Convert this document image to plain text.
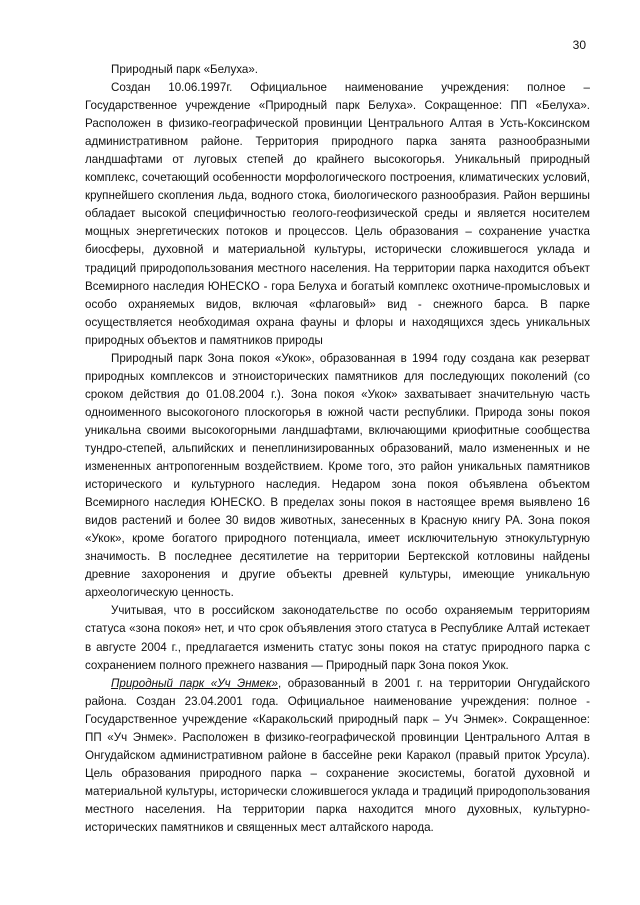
30

Природный парк «Белуха».

Создан 10.06.1997г. Официальное наименование учреждения: полное – Государственное учреждение «Природный парк Белуха». Сокращенное: ПП «Белуха». Расположен в физико-географической провинции Центрального Алтая в Усть-Коксинском административном районе. Территория природного парка занята разнообразными ландшафтами от луговых степей до крайнего высокогорья. Уникальный природный комплекс, сочетающий особенности морфологического построения, климатических условий, крупнейшего скопления льда, водного стока, биологического разнообразия. Район вершины обладает высокой специфичностью геолого-геофизической среды и является носителем мощных энергетических потоков и процессов. Цель образования – сохранение участка биосферы, духовной и материальной культуры, исторически сложившегося уклада и традиций природопользования местного населения. На территории парка находится объект Всемирного наследия ЮНЕСКО - гора Белуха и богатый комплекс охотниче-промысловых и особо охраняемых видов, включая «флаговый» вид - снежного барса. В парке осуществляется необходимая охрана фауны и флоры и находящихся здесь уникальных природных объектов и памятников природы

Природный парк Зона покоя «Укок», образованная в 1994 году создана как резерват природных комплексов и этноисторических памятников для последующих поколений (со сроком действия до 01.08.2004 г.). Зона покоя «Укок» захватывает значительную часть одноименного высокогоного плоскогорья в южной части республики. Природа зоны покоя уникальна своими высокогорными ландшафтами, включающими криофитные сообщества тундро-степей, альпийских и пенеплинизированных образований, мало измененных и не измененных антропогенным воздействием. Кроме того, это район уникальных памятников исторического и культурного наследия. Недаром зона покоя объявлена объектом Всемирного наследия ЮНЕСКО. В пределах зоны покоя в настоящее время выявлено 16 видов растений и более 30 видов животных, занесенных в Красную книгу РА. Зона покоя «Укок», кроме богатого природного потенциала, имеет исключительную этнокультурную значимость. В последнее десятилетие на территории Бертекской котловины найдены древние захоронения и другие объекты древней культуры, имеющие уникальную археологическую ценность.

Учитывая, что в российском законодательстве по особо охраняемым территориям статуса «зона покоя» нет, и что срок объявления этого статуса в Республике Алтай истекает в августе 2004 г., предлагается изменить статус зоны покоя на статус природного парка с сохранением полного прежнего названия — Природный парк Зона покоя Укок.

Природный парк «Уч Энмек», образованный в 2001 г. на территории Онгудайского района. Создан 23.04.2001 года. Официальное наименование учреждения: полное - Государственное учреждение «Каракольский природный парк – Уч Энмек». Сокращенное: ПП «Уч Энмек». Расположен в физико-географической провинции Центрального Алтая в Онгудайском административном районе в бассейне реки Каракол (правый приток Урсула). Цель образования природного парка – сохранение экосистемы, богатой духовной и материальной культуры, исторически сложившегося уклада и традиций природопользования местного населения. На территории парка находится много духовных, культурно-исторических памятников и священных мест алтайского народа.
